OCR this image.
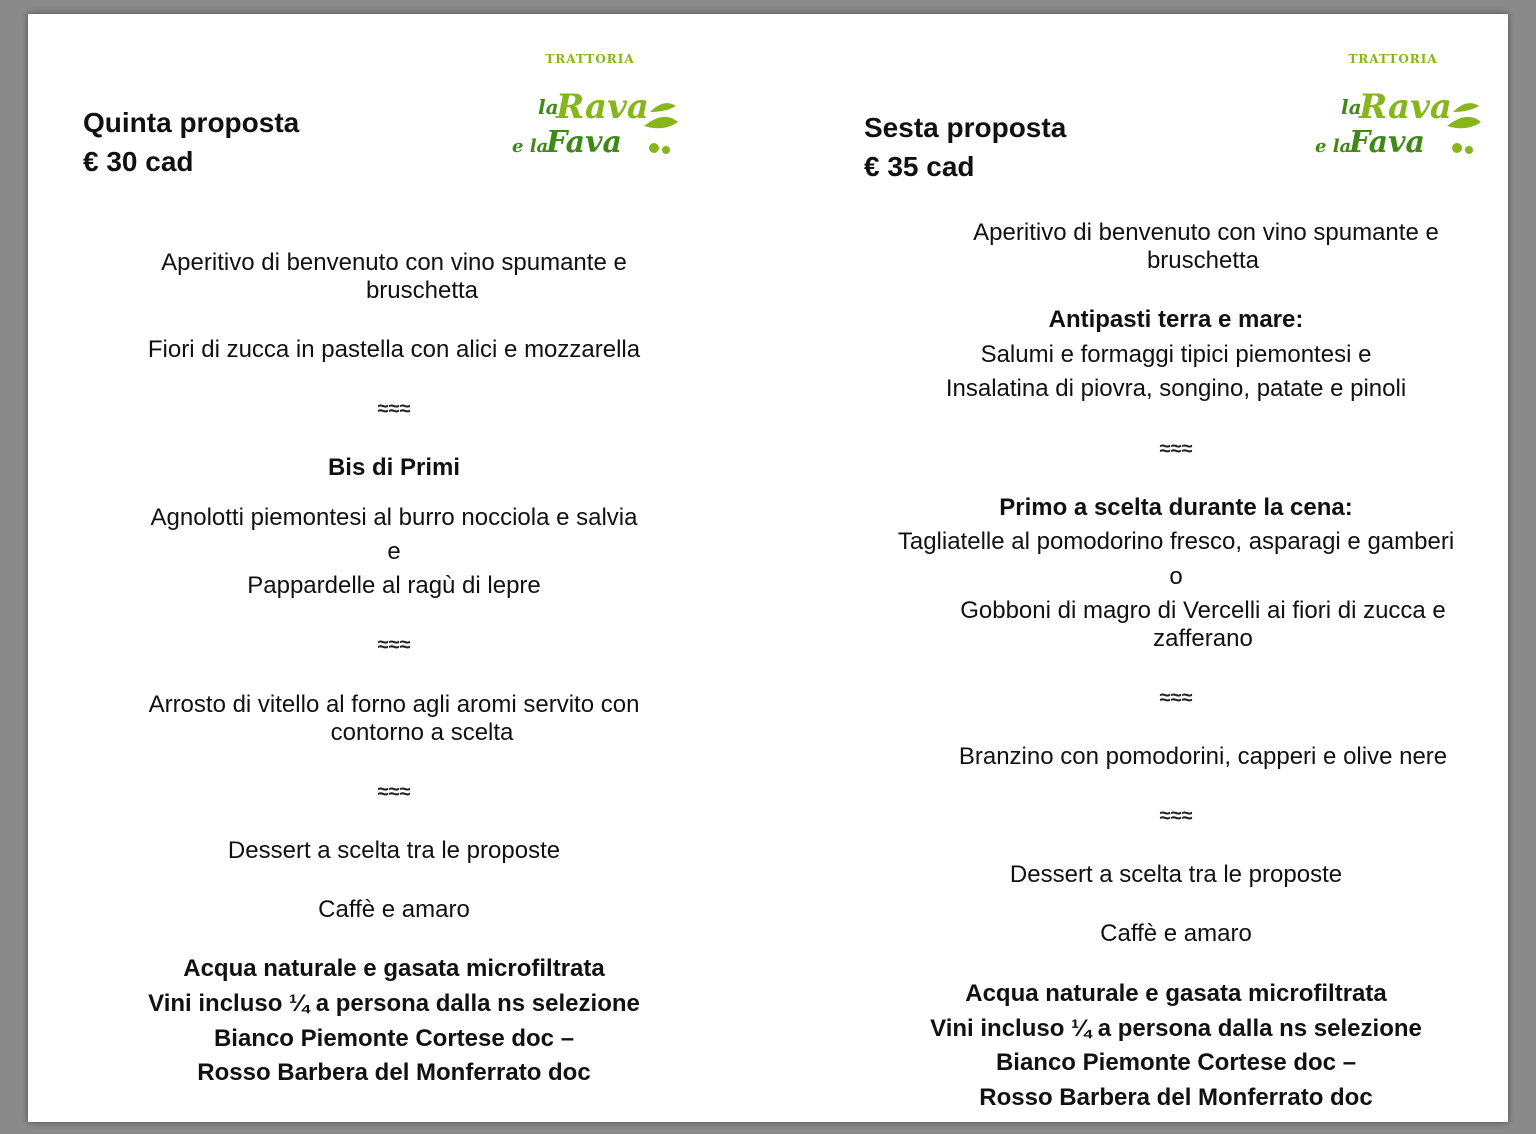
Quinta proposta
€ 30 cad
TRATTORIA
la
Rava
e la
Fava
Aperitivo di benvenuto con vino spumante e
bruschetta
Fiori di zucca in pastella con alici e mozzarella
≈≈≈
Bis di Primi
Agnolotti piemontesi al burro nocciola e salvia
e
Pappardelle al ragù di lepre
≈≈≈
Arrosto di vitello al forno agli aromi servito con
contorno a scelta
≈≈≈
Dessert a scelta tra le proposte
Caffè e amaro
Acqua naturale e gasata microfiltrata
Vini incluso ¼ a persona dalla ns selezione
Bianco Piemonte Cortese doc –
Rosso Barbera del Monferrato doc
Sesta proposta
€ 35 cad
TRATTORIA
la
Rava
e la
Fava
Aperitivo di benvenuto con vino spumante e
bruschetta
Antipasti terra e mare:
Salumi e formaggi tipici piemontesi e
Insalatina di piovra, songino, patate e pinoli
≈≈≈
Primo a scelta durante la cena:
Tagliatelle al pomodorino fresco, asparagi e gamberi
o
Gobboni di magro di Vercelli ai fiori di zucca e
zafferano
≈≈≈
Branzino con pomodorini, capperi e olive nere
≈≈≈
Dessert a scelta tra le proposte
Caffè e amaro
Acqua naturale e gasata microfiltrata
Vini incluso ¼ a persona dalla ns selezione
Bianco Piemonte Cortese doc –
Rosso Barbera del Monferrato doc
